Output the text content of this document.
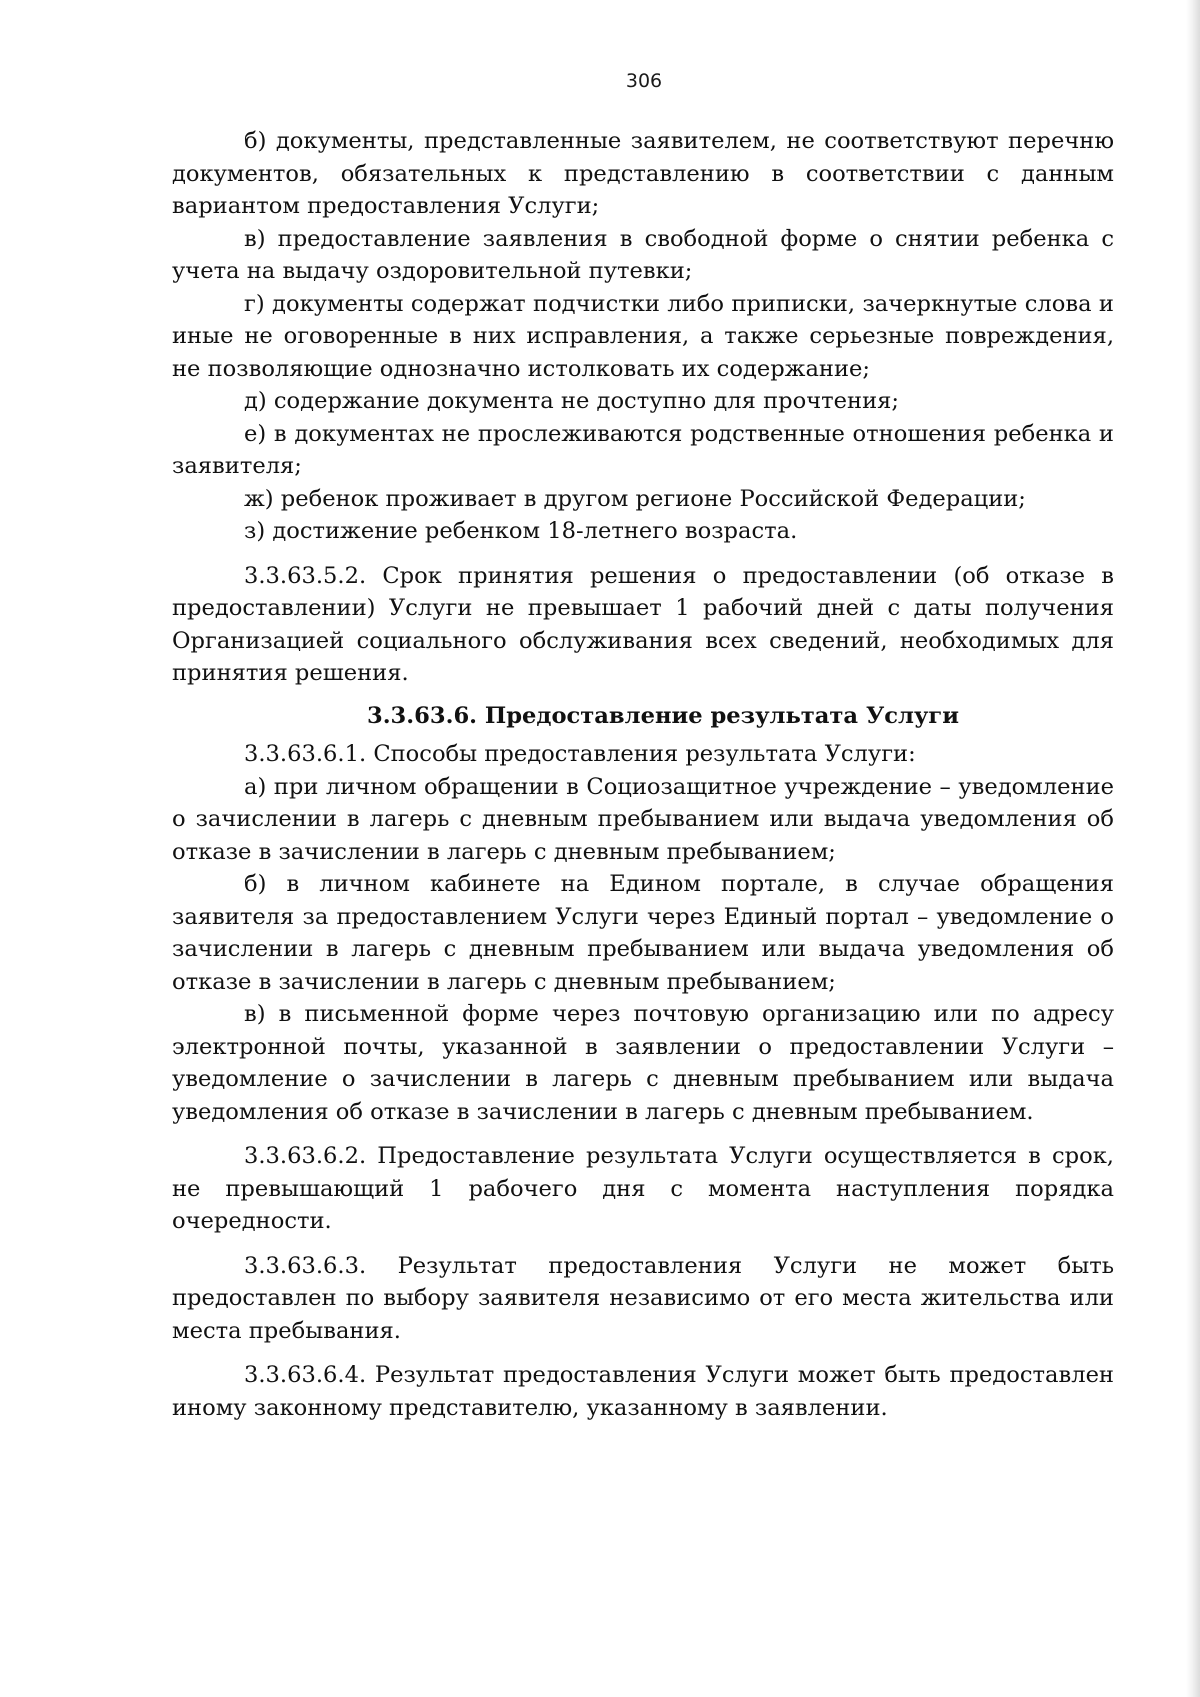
306

б) документы, представленные заявителем, не соответствуют перечню документов, обязательных к представлению в соответствии с данным вариантом предоставления Услуги;

в) предоставление заявления в свободной форме о снятии ребенка с учета на выдачу оздоровительной путевки;

г) документы содержат подчистки либо приписки, зачеркнутые слова и иные не оговоренные в них исправления, а также серьезные повреждения, не позволяющие однозначно истолковать их содержание;

д) содержание документа не доступно для прочтения;

е) в документах не прослеживаются родственные отношения ребенка и заявителя;

ж) ребенок проживает в другом регионе Российской Федерации;

з) достижение ребенком 18-летнего возраста.

3.3.63.5.2. Срок принятия решения о предоставлении (об отказе в предоставлении) Услуги не превышает 1 рабочий дней с даты получения Организацией социального обслуживания всех сведений, необходимых для принятия решения.

3.3.63.6. Предоставление результата Услуги

3.3.63.6.1. Способы предоставления результата Услуги:

а) при личном обращении в Социозащитное учреждение – уведомление о зачислении в лагерь с дневным пребыванием или выдача уведомления об отказе в зачислении в лагерь с дневным пребыванием;

б) в личном кабинете на Едином портале, в случае обращения заявителя за предоставлением Услуги через Единый портал – уведомление о зачислении в лагерь с дневным пребыванием или выдача уведомления об отказе в зачислении в лагерь с дневным пребыванием;

в) в письменной форме через почтовую организацию или по адресу электронной почты, указанной в заявлении о предоставлении Услуги – уведомление о зачислении в лагерь с дневным пребыванием или выдача уведомления об отказе в зачислении в лагерь с дневным пребыванием.

3.3.63.6.2. Предоставление результата Услуги осуществляется в срок, не превышающий 1 рабочего дня с момента наступления порядка очередности.

3.3.63.6.3. Результат предоставления Услуги не может быть предоставлен по выбору заявителя независимо от его места жительства или места пребывания.

3.3.63.6.4. Результат предоставления Услуги может быть предоставлен иному законному представителю, указанному в заявлении.
